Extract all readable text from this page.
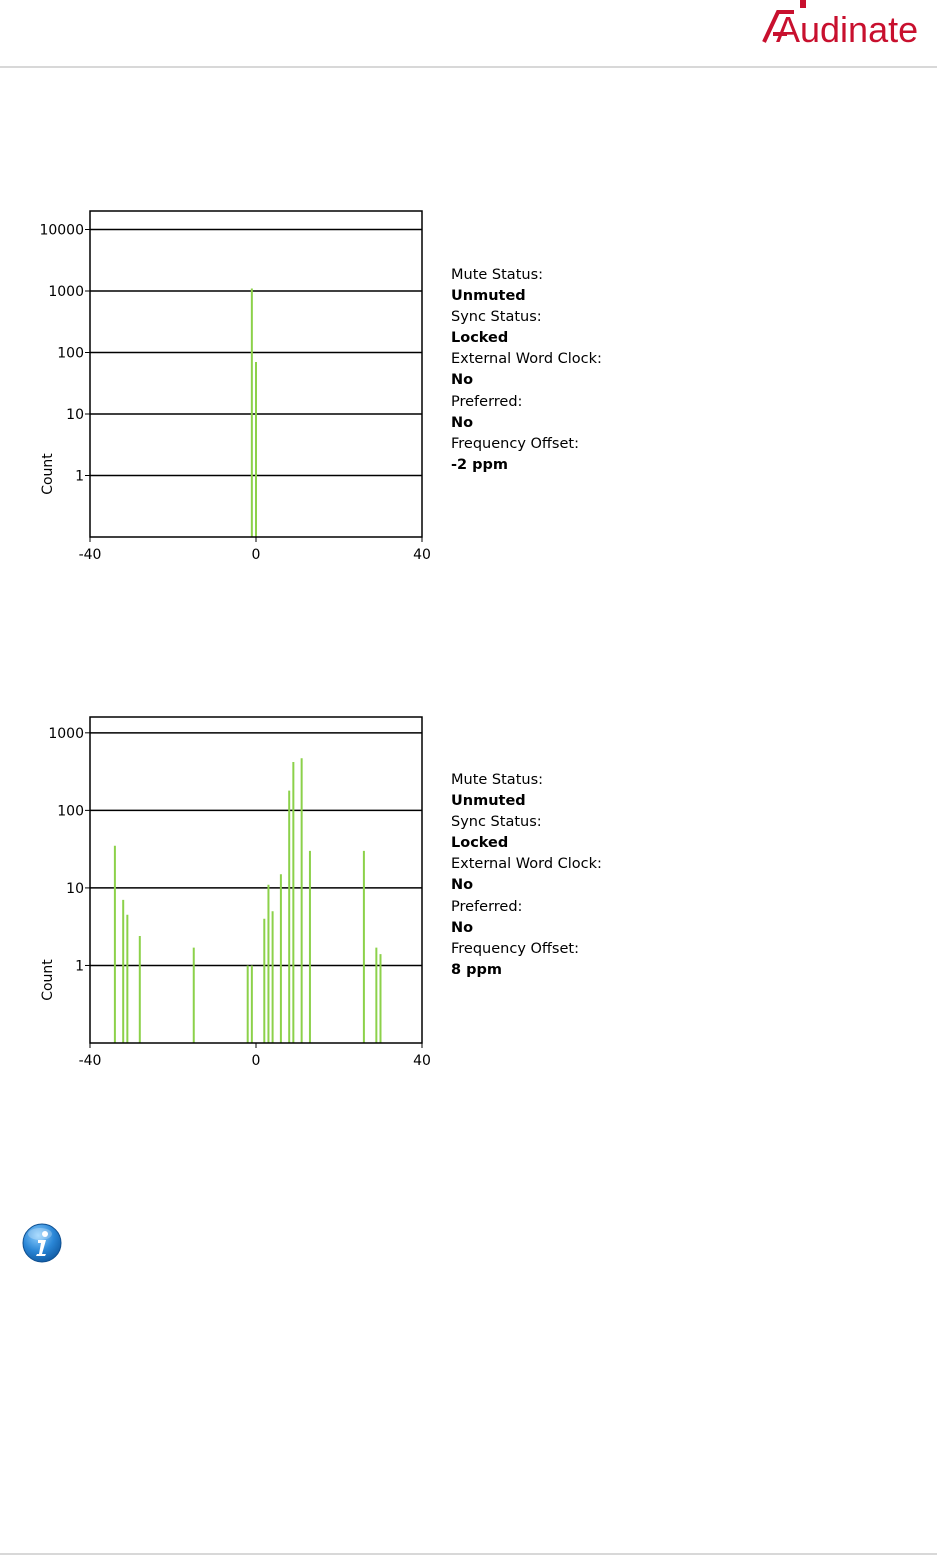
Audinate
1
10
100
1000
10000
-40	0	40
Count
Mute Status:
Unmuted
Sync Status:
Locked
External Word Clock:
No
Preferred:
No
Frequency Offset:
-2 ppm
1
10
100
1000
-40	0	40
Count
Mute Status:
Unmuted
Sync Status:
Locked
External Word Clock:
No
Preferred:
No
Frequency Offset:
8 ppm
